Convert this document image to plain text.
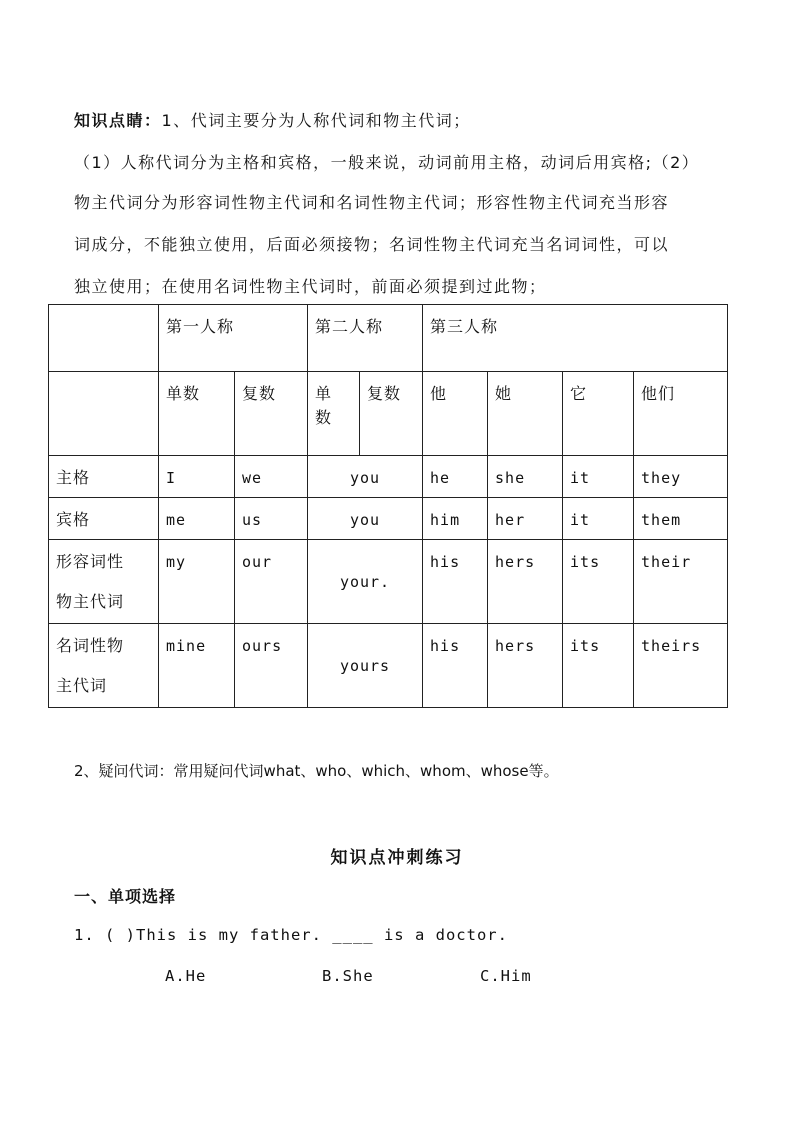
知识点睛：1、代词主要分为人称代词和物主代词；
（1）人称代词分为主格和宾格，一般来说，动词前用主格，动词后用宾格;（2）
物主代词分为形容词性物主代词和名词性物主代词；形容性物主代词充当形容
词成分，不能独立使用，后面必须接物；名词性物主代词充当名词词性，可以
独立使用；在使用名词性物主代词时，前面必须提到过此物；

	第一人称		第二人称		第三人称			

	单数	复数	单
数	复数	他	她	它	他们

主格	I	we	you		he	she	it	they

宾格	me	us	you		him	her	it	them

形容词性
物主代词	my	our	your.		his	hers	its	their

名词性物
主代词	mine	ours	yours		his	hers	its	theirs
2、疑问代词：常用疑问代词what、who、which、whom、whose等。
知识点冲刺练习
一、单项选择
1. ( )This is my father. ____ is a doctor.
A.He	B.She	C.Him
